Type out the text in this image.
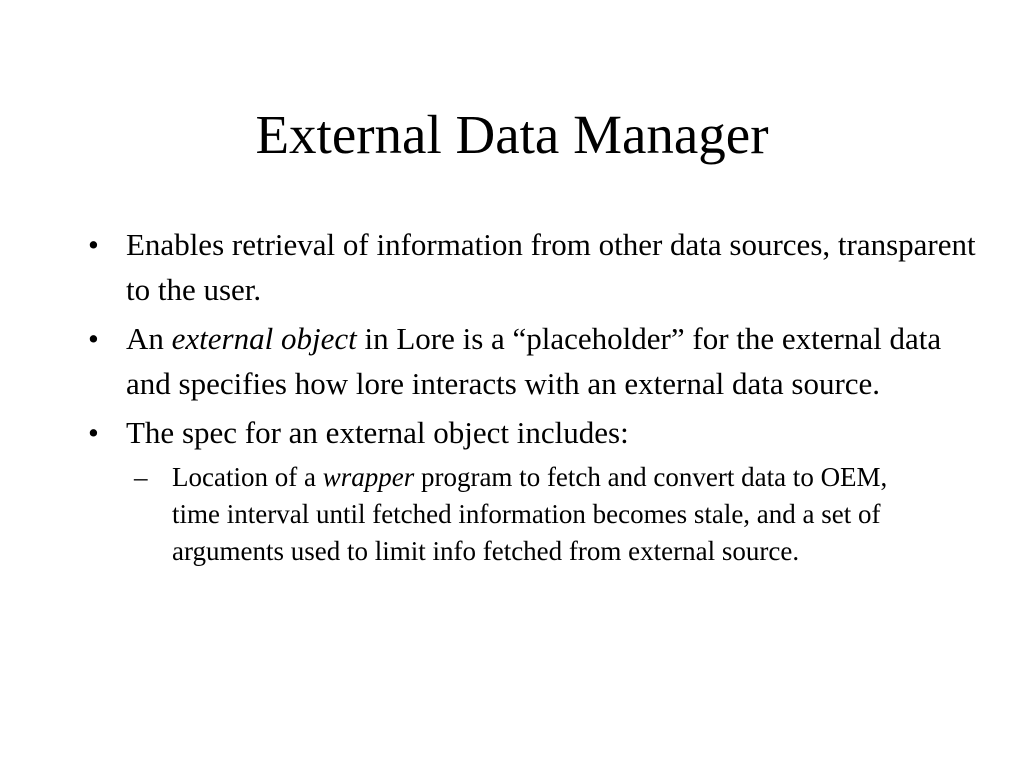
External Data Manager
• Enables retrieval of information from other data sources, transparent to the user.
• An external object in Lore is a “placeholder” for the external data and specifies how lore interacts with an external data source.
• The spec for an external object includes:
– Location of a wrapper program to fetch and convert data to OEM, time interval until fetched information becomes stale, and a set of arguments used to limit info fetched from external source.
